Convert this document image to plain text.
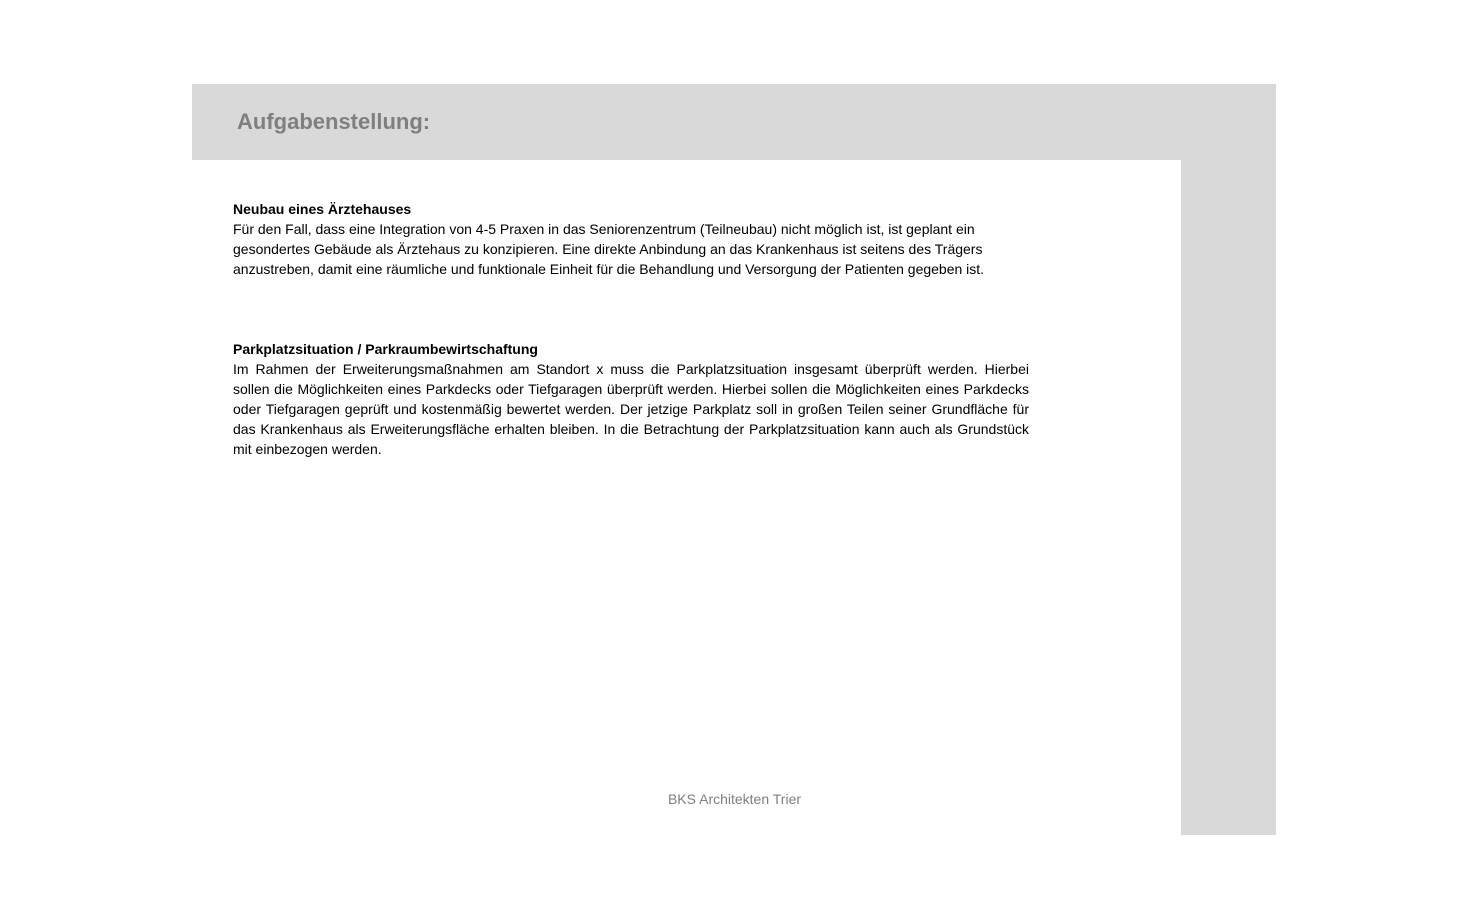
Aufgabenstellung:
Neubau eines Ärztehauses

Für den Fall, dass eine Integration von 4-5 Praxen in das Seniorenzentrum (Teilneubau) nicht möglich ist, ist geplant ein gesondertes Gebäude als Ärztehaus zu konzipieren. Eine direkte Anbindung an das Krankenhaus ist seitens des Trägers anzustreben, damit eine räumliche und funktionale Einheit für die Behandlung und Versorgung der Patienten gegeben ist.

Parkplatzsituation / Parkraumbewirtschaftung

Im Rahmen der Erweiterungsmaßnahmen am Standort x muss die Parkplatzsituation insgesamt überprüft werden. Hierbei sollen die Möglichkeiten eines Parkdecks oder Tiefgaragen überprüft werden. Hierbei sollen die Möglichkeiten eines Parkdecks oder Tiefgaragen geprüft und kostenmäßig bewertet werden. Der jetzige Parkplatz soll in großen Teilen seiner Grundfläche für das Krankenhaus als Erweiterungsfläche erhalten bleiben. In die Betrachtung der Parkplatzsituation kann auch als Grundstück mit einbezogen werden.

BKS Architekten Trier
